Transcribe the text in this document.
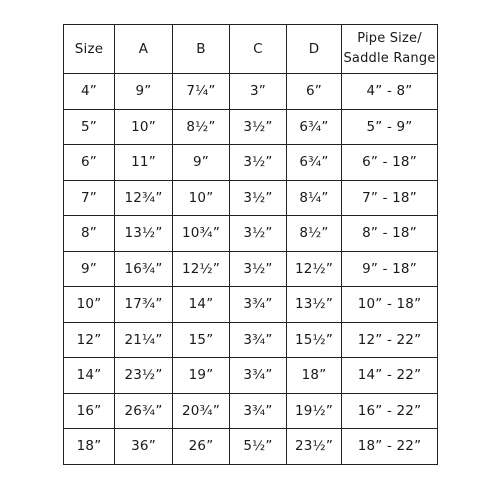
Size	A	B	C	D	Pipe Size/
Saddle Range

4”	9”	7¼”	3”	6”	4” - 8”
5”	10”	8½”	3½”	6¾”	5” - 9”
6”	11”	9”	3½”	6¾”	6” - 18”
7”	12¾”	10”	3½”	8¼”	7” - 18”
8”	13½”	10¾”	3½”	8½”	8” - 18”
9”	16¾”	12½”	3½”	12½”	9” - 18”
10”	17¾”	14”	3¾”	13½”	10” - 18”
12”	21¼”	15”	3¾”	15½”	12” - 22”
14”	23½”	19”	3¾”	18”	14” - 22”
16”	26¾”	20¾”	3¾”	19½”	16” - 22”
18”	36”	26”	5½”	23½”	18” - 22”
